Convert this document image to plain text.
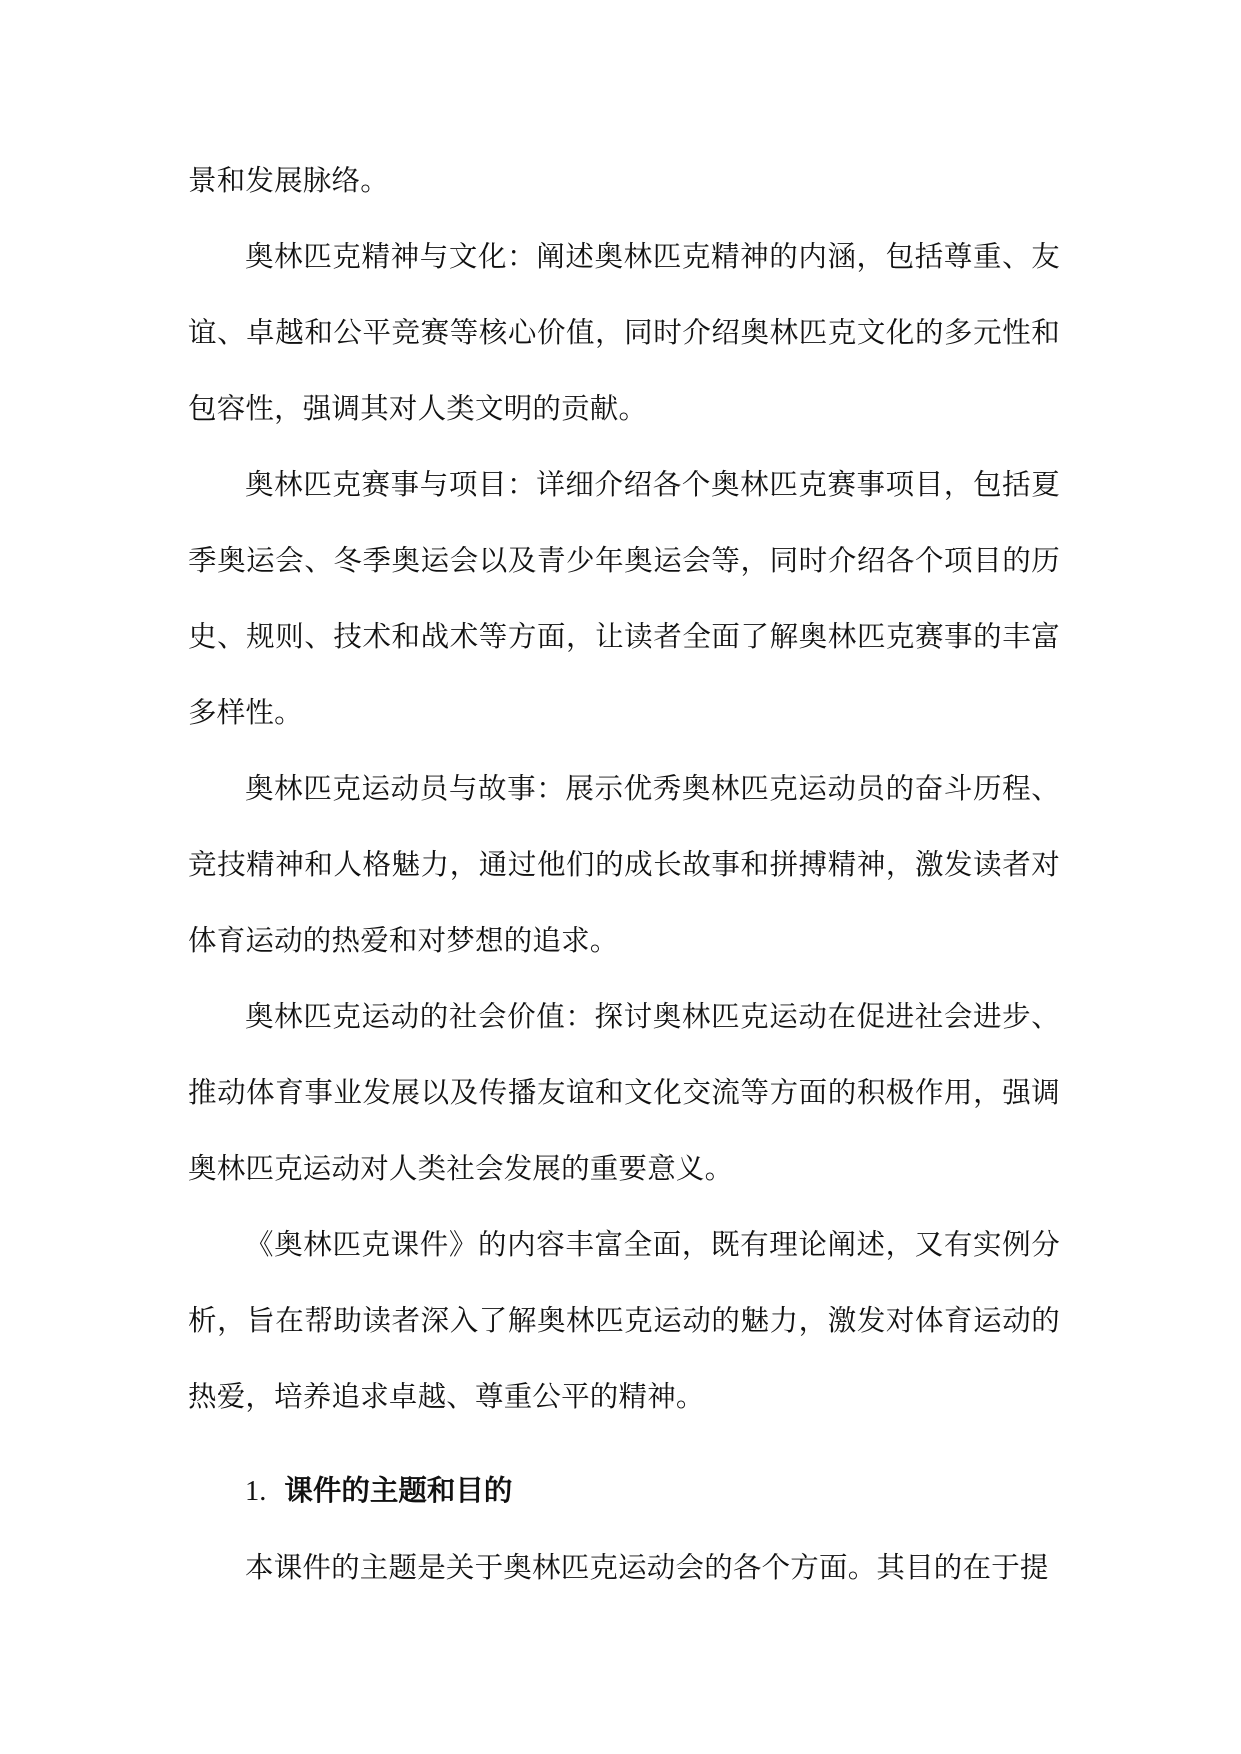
景和发展脉络。

奥林匹克精神与文化：阐述奥林匹克精神的内涵，包括尊重、友谊、卓越和公平竞赛等核心价值，同时介绍奥林匹克文化的多元性和包容性，强调其对人类文明的贡献。

奥林匹克赛事与项目：详细介绍各个奥林匹克赛事项目，包括夏季奥运会、冬季奥运会以及青少年奥运会等，同时介绍各个项目的历史、规则、技术和战术等方面，让读者全面了解奥林匹克赛事的丰富多样性。

奥林匹克运动员与故事：展示优秀奥林匹克运动员的奋斗历程、竞技精神和人格魅力，通过他们的成长故事和拼搏精神，激发读者对体育运动的热爱和对梦想的追求。

奥林匹克运动的社会价值：探讨奥林匹克运动在促进社会进步、推动体育事业发展以及传播友谊和文化交流等方面的积极作用，强调奥林匹克运动对人类社会发展的重要意义。

《奥林匹克课件》的内容丰富全面，既有理论阐述，又有实例分析，旨在帮助读者深入了解奥林匹克运动的魅力，激发对体育运动的热爱，培养追求卓越、尊重公平的精神。

1. 课件的主题和目的

本课件的主题是关于奥林匹克运动会的各个方面。其目的在于提
